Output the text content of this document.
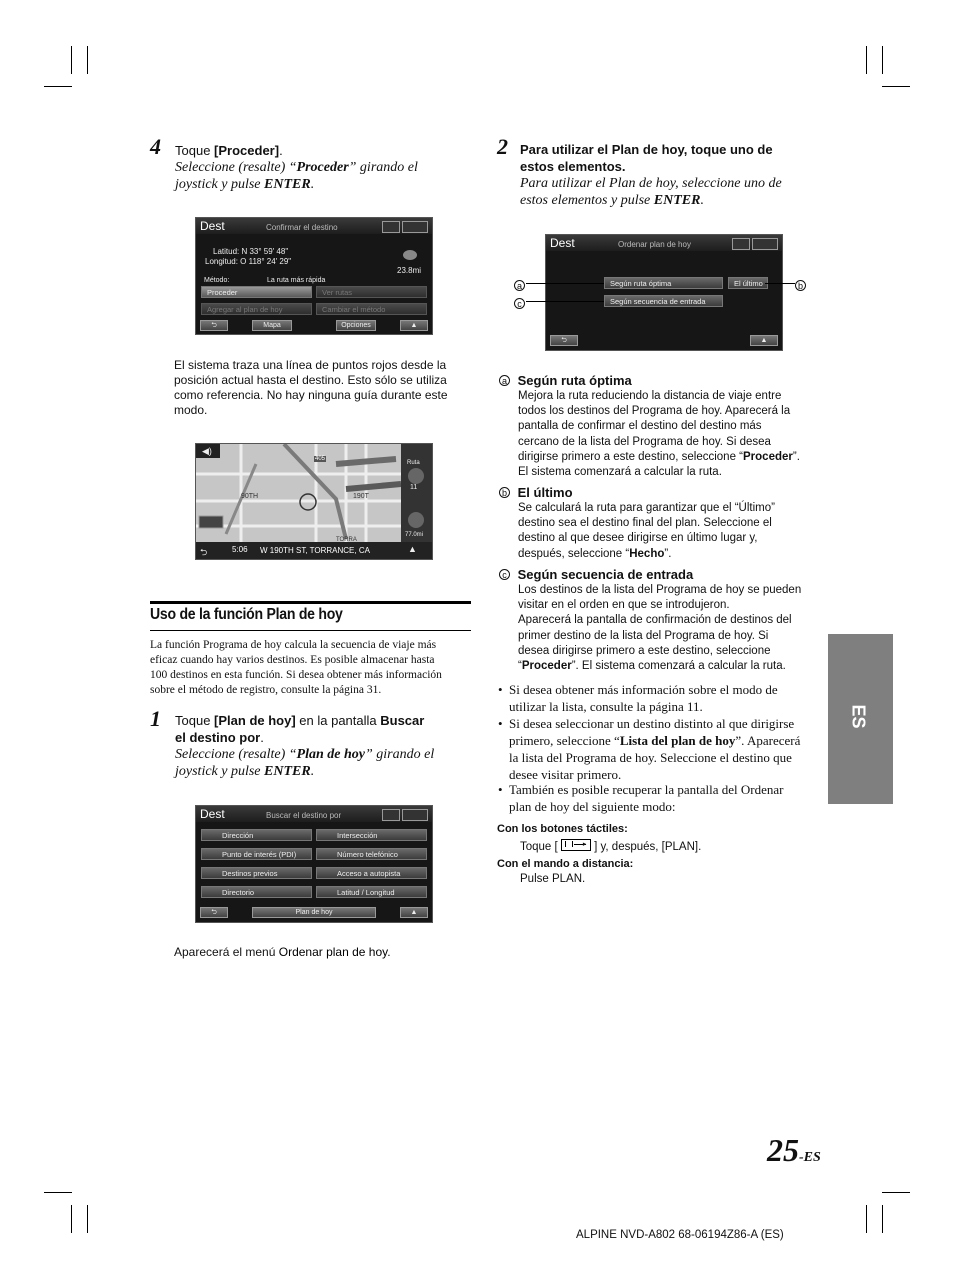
4 Toque [Proceder].
Seleccione (resalte) “Proceder” girando el
joystick y pulse ENTER.
Dest	Confirmar el destino
Latitud: N 33° 59' 48"
Longitud: O 118° 24' 29"
23.8mi
Método:	La ruta más rápida
Proceder	Ver rutas
Agregar al plan de hoy	Cambiar el método
⮌	Mapa	Opciones	▲
El sistema traza una línea de puntos rojos desde la
posición actual hasta el destino. Esto sólo se utiliza
como referencia. No hay ninguna guía durante este
modo.
◀)
90TH	190T
TORRA
405
Ruta
11
77.0mi
5:06 W 190TH ST, TORRANCE, CA
⮌	▲
Uso de la función Plan de hoy
La función Programa de hoy calcula la secuencia de viaje más
eficaz cuando hay varios destinos. Es posible almacenar hasta
100 destinos en esta función. Si desea obtener más información
sobre el método de registro, consulte la página 31.
1 Toque [Plan de hoy] en la pantalla Buscar
el destino por.
Seleccione (resalte) “Plan de hoy” girando el
joystick y pulse ENTER.
Dest	Buscar el destino por
Dirección	Intersección
Punto de interés (PDI)	Número telefónico
Destinos previos	Acceso a autopista
Directorio	Latitud / Longitud
⮌	Plan de hoy	▲
Aparecerá el menú Ordenar plan de hoy.
2 Para utilizar el Plan de hoy, toque uno de
estos elementos.
Para utilizar el Plan de hoy, seleccione uno de
estos elementos y pulse ENTER.
Dest	Ordenar plan de hoy
Según ruta óptima	El último
Según secuencia de entrada
⮌	▲
a
c
b
a Según ruta óptima
Mejora la ruta reduciendo la distancia de viaje entre
todos los destinos del Programa de hoy. Aparecerá la
pantalla de confirmar el destino del destino más
cercano de la lista del Programa de hoy. Si desea
dirigirse primero a este destino, seleccione “Proceder”.
El sistema comenzará a calcular la ruta.
b El último
Se calculará la ruta para garantizar que el “Último”
destino sea el destino final del plan. Seleccione el
destino al que desee dirigirse en último lugar y,
después, seleccione “Hecho”.
c Según secuencia de entrada
Los destinos de la lista del Programa de hoy se pueden
visitar en el orden en que se introdujeron.
Aparecerá la pantalla de confirmación de destinos del
primer destino de la lista del Programa de hoy. Si
desea dirigirse primero a este destino, seleccione
“Proceder”. El sistema comenzará a calcular la ruta.
• Si desea obtener más información sobre el modo de
utilizar la lista, consulte la página 11.
• Si desea seleccionar un destino distinto al que dirigirse
primero, seleccione “Lista del plan de hoy”. Aparecerá
la lista del Programa de hoy. Seleccione el destino que
desee visitar primero.
• También es posible recuperar la pantalla del Ordenar
plan de hoy del siguiente modo:
Con los botones táctiles:
Toque [	▸ ] y, después, [PLAN].
Con el mando a distancia:
Pulse PLAN.
ES
25-ES
ALPINE NVD-A802 68-06194Z86-A (ES)
